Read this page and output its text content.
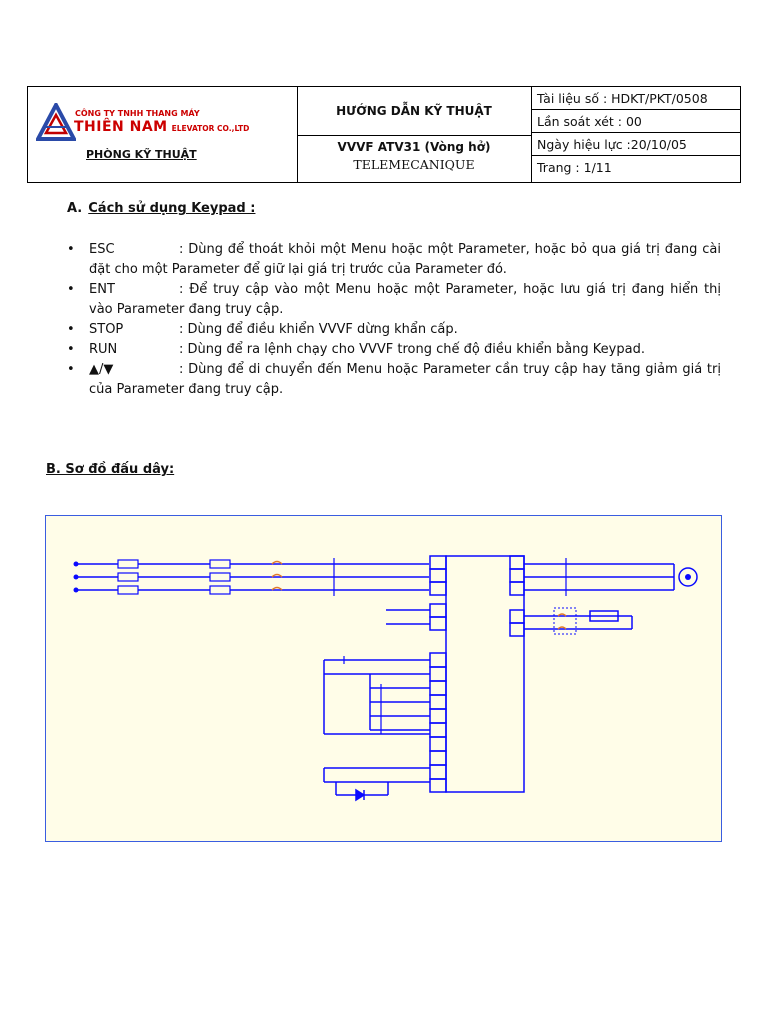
CÔNG TY TNHH THANG MÁY
THIÊN NAM ELEVATOR CO.,LTD
PHÒNG KỸ THUẬT
HƯỚNG DẪN KỸ THUẬT
VVVF ATV31 (Vòng hở)
TELEMECANIQUE
Tài liệu số : HDKT/PKT/0508
Lần soát xét : 00
Ngày hiệu lực :20/10/05
Trang : 1/11
A. Cách sử dụng Keypad :
• ESC	: Dùng để thoát khỏi một Menu hoặc một Parameter, hoặc bỏ qua giá trị đang cài đặt cho một Parameter để giữ lại giá trị trước của Parameter đó.
• ENT	: Để truy cập vào một Menu hoặc một Parameter, hoặc lưu giá trị đang hiển thị vào Parameter đang truy cập.
• STOP	: Dùng để điều khiển VVVF dừng khẩn cấp.
• RUN	: Dùng để ra lệnh chạy cho VVVF trong chế độ điều khiển bằng Keypad.
• ▲/▼	: Dùng để di chuyển đến Menu hoặc Parameter cần truy cập hay tăng giảm giá trị của Parameter đang truy cập.
B. Sơ đồ đấu dây:
